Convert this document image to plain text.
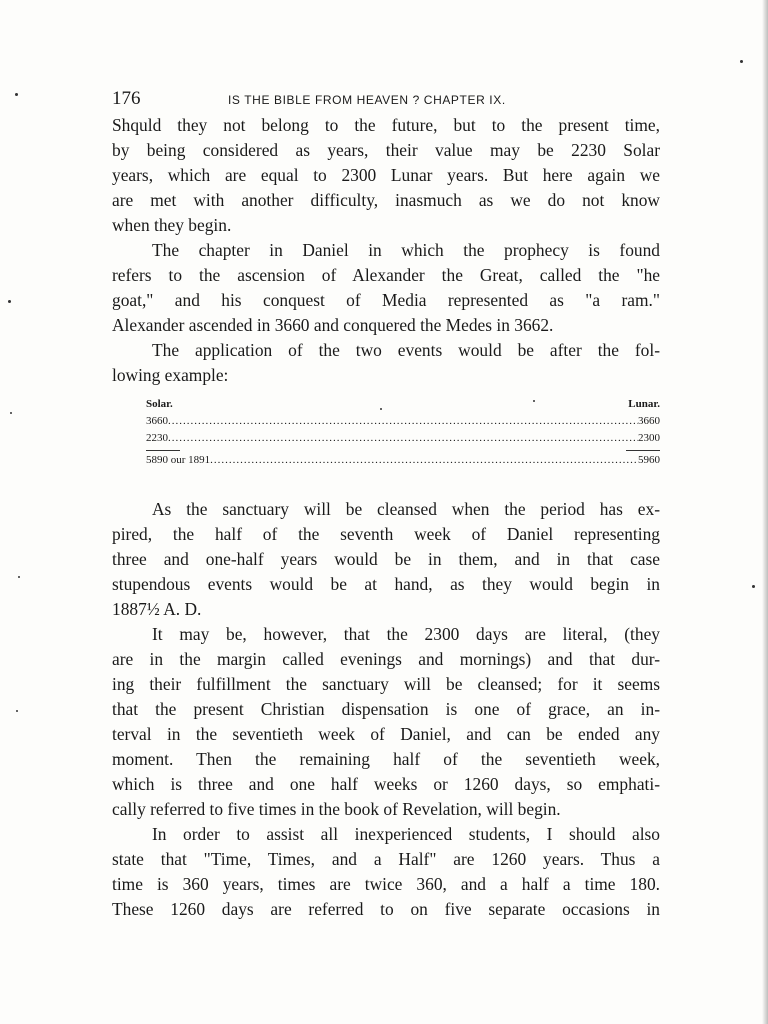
176	IS THE BIBLE FROM HEAVEN ? CHAPTER IX.
Shquld they not belong to the future, but to the present time,
by being considered as years, their value may be 2230 Solar
years, which are equal to 2300 Lunar years. But here again we
are met with another difficulty, inasmuch as we do not know
when they begin.
The chapter in Daniel in which the prophecy is found
refers to the ascension of Alexander the Great, called the "he
goat," and his conquest of Media represented as "a ram."
Alexander ascended in 3660 and conquered the Medes in 3662.
The application of the two events would be after the fol-
lowing example:
Solar.	Lunar.
3660 .....	3660
2230 .....	2300
5890 our 1891 .....	5960
As the sanctuary will be cleansed when the period has ex-
pired, the half of the seventh week of Daniel representing
three and one-half years would be in them, and in that case
stupendous events would be at hand, as they would begin in
1887½ A. D.
It may be, however, that the 2300 days are literal, (they
are in the margin called evenings and mornings) and that dur-
ing their fulfillment the sanctuary will be cleansed; for it seems
that the present Christian dispensation is one of grace, an in-
terval in the seventieth week of Daniel, and can be ended any
moment. Then the remaining half of the seventieth week,
which is three and one half weeks or 1260 days, so emphati-
cally referred to five times in the book of Revelation, will begin.
In order to assist all inexperienced students, I should also
state that "Time, Times, and a Half" are 1260 years. Thus a
time is 360 years, times are twice 360, and a half a time 180.
These 1260 days are referred to on five separate occasions in
